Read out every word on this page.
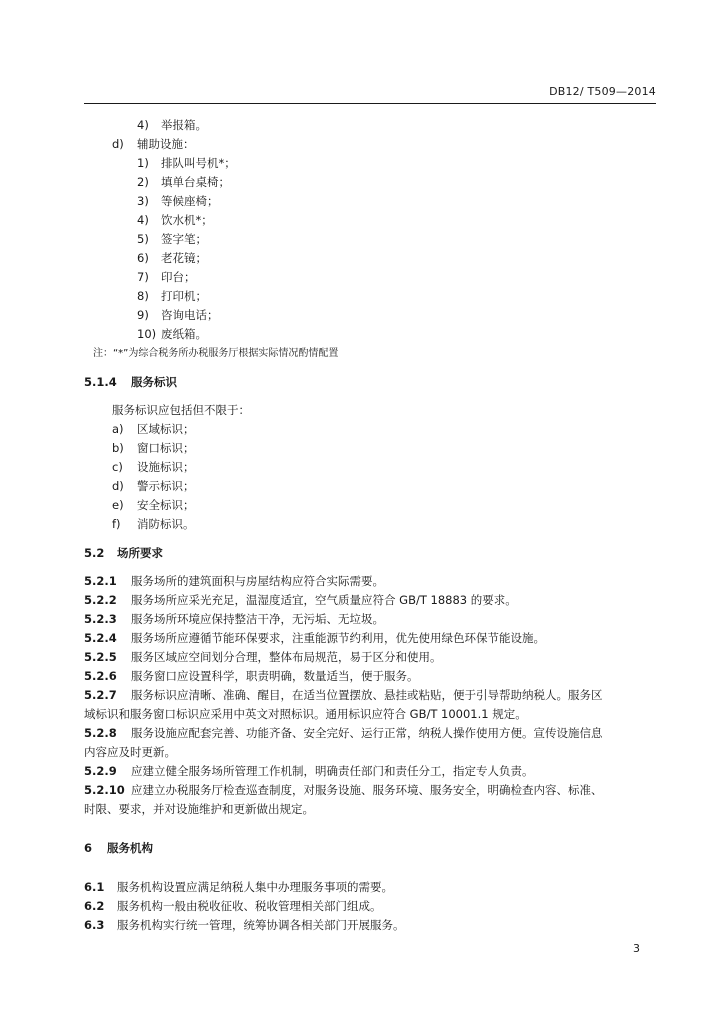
DB12/ T509—2014
4) 举报箱。
d) 辅助设施：
1) 排队叫号机*；
2) 填单台桌椅；
3) 等候座椅；
4) 饮水机*；
5) 签字笔；
6) 老花镜；
7) 印台；
8) 打印机；
9) 咨询电话；
10) 废纸箱。
注：“*”为综合税务所办税服务厅根据实际情况酌情配置
5.1.4 服务标识
服务标识应包括但不限于：
a) 区域标识；
b) 窗口标识；
c) 设施标识；
d) 警示标识；
e) 安全标识；
f) 消防标识。
5.2 场所要求
5.2.1 服务场所的建筑面积与房屋结构应符合实际需要。
5.2.2 服务场所应采光充足，温湿度适宜，空气质量应符合 GB/T 18883 的要求。
5.2.3 服务场所环境应保持整洁干净，无污垢、无垃圾。
5.2.4 服务场所应遵循节能环保要求，注重能源节约利用，优先使用绿色环保节能设施。
5.2.5 服务区域应空间划分合理，整体布局规范，易于区分和使用。
5.2.6 服务窗口应设置科学，职责明确，数量适当，便于服务。
5.2.7 服务标识应清晰、准确、醒目，在适当位置摆放、悬挂或粘贴，便于引导帮助纳税人。服务区
域标识和服务窗口标识应采用中英文对照标识。通用标识应符合 GB/T 10001.1 规定。
5.2.8 服务设施应配套完善、功能齐备、安全完好、运行正常，纳税人操作使用方便。宣传设施信息
内容应及时更新。
5.2.9 应建立健全服务场所管理工作机制，明确责任部门和责任分工，指定专人负责。
5.2.10 应建立办税服务厅检查巡查制度，对服务设施、服务环境、服务安全，明确检查内容、标准、
时限、要求，并对设施维护和更新做出规定。
6 服务机构
6.1 服务机构设置应满足纳税人集中办理服务事项的需要。
6.2 服务机构一般由税收征收、税收管理相关部门组成。
6.3 服务机构实行统一管理，统筹协调各相关部门开展服务。
3
